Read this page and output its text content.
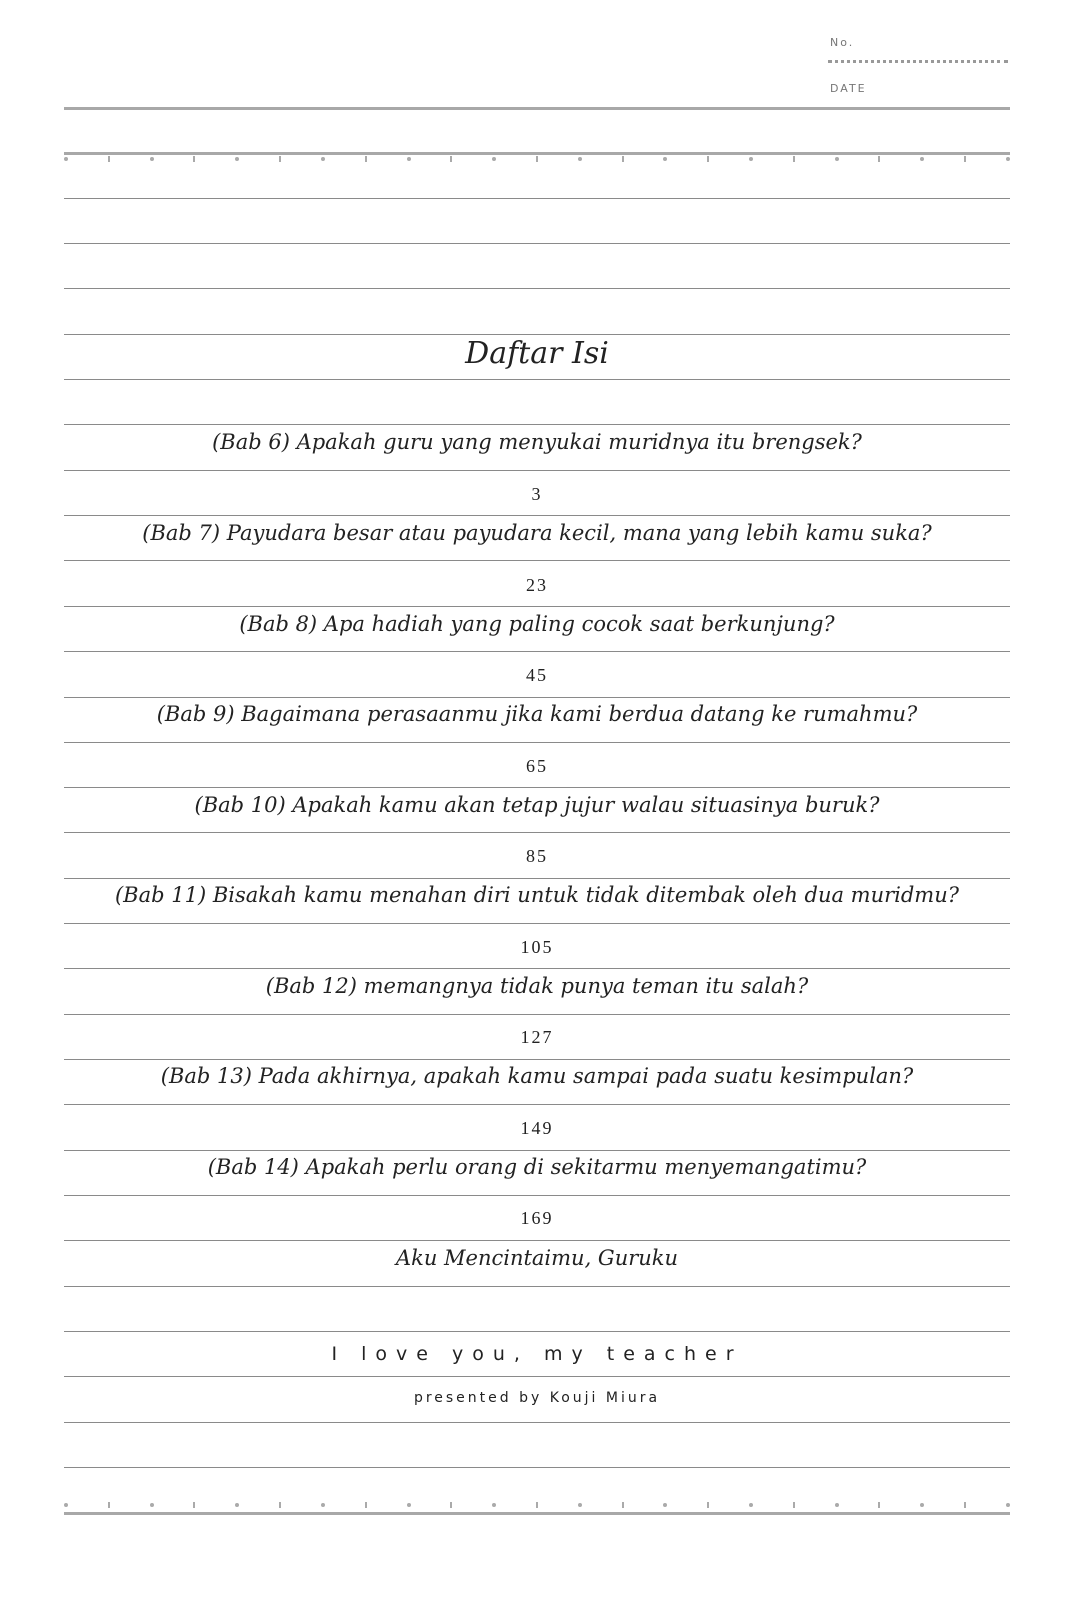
No.
DATE
Daftar Isi
(Bab 6) Apakah guru yang menyukai muridnya itu brengsek?
3
(Bab 7) Payudara besar atau payudara kecil, mana yang lebih kamu suka?
23
(Bab 8) Apa hadiah yang paling cocok saat berkunjung?
45
(Bab 9) Bagaimana perasaanmu jika kami berdua datang ke rumahmu?
65
(Bab 10) Apakah kamu akan tetap jujur walau situasinya buruk?
85
(Bab 11) Bisakah kamu menahan diri untuk tidak ditembak oleh dua muridmu?
105
(Bab 12) memangnya tidak punya teman itu salah?
127
(Bab 13) Pada akhirnya, apakah kamu sampai pada suatu kesimpulan?
149
(Bab 14) Apakah perlu orang di sekitarmu menyemangatimu?
169
Aku Mencintaimu, Guruku
I love you, my teacher
presented by Kouji Miura
